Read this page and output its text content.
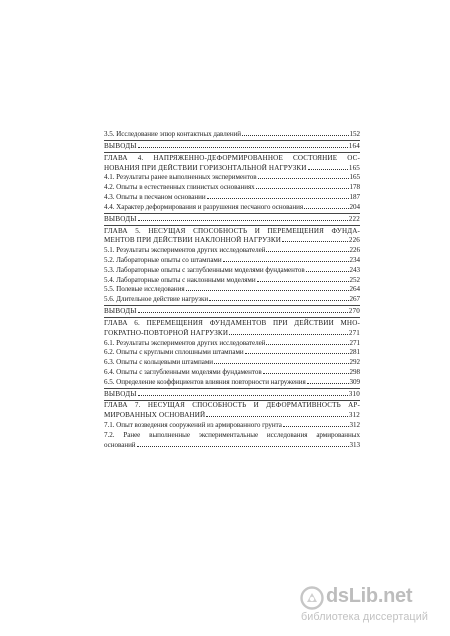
3.5. Исследование эпюр контактных давлений	152
ВЫВОДЫ	164
ГЛАВА 4. НАПРЯЖЕННО-ДЕФОРМИРОВАННОЕ СОСТОЯНИЕ ОС-
НОВАНИЯ ПРИ ДЕЙСТВИИ ГОРИЗОНТАЛЬНОЙ НАГРУЗКИ	165
4.1. Результаты ранее выполненных экспериментов	165
4.2. Опыты в естественных глинистых основаниях	178
4.3. Опыты в песчаном основании	187
4.4. Характер деформирования и разрушения песчаного основания	204
ВЫВОДЫ	222
ГЛАВА 5. НЕСУЩАЯ СПОСОБНОСТЬ И ПЕРЕМЕЩЕНИЯ ФУНДА-
МЕНТОВ ПРИ ДЕЙСТВИИ НАКЛОННОЙ НАГРУЗКИ	226
5.1. Результаты экспериментов других исследователей	226
5.2. Лабораторные опыты со штампами	234
5.3. Лабораторные опыты с заглубленными моделями фундаментов	243
5.4. Лабораторные опыты с наклонными моделями	252
5.5. Полевые исследования	264
5.6. Длительное действие нагрузки	267
ВЫВОДЫ	270
ГЛАВА 6. ПЕРЕМЕЩЕНИЯ ФУНДАМЕНТОВ ПРИ ДЕЙСТВИИ МНО-
ГОКРАТНО-ПОВТОРНОЙ НАГРУЗКИ	271
6.1. Результаты экспериментов других исследователей	271
6.2. Опыты с круглыми сплошными штампами	281
6.3. Опыты с кольцевыми штампами	292
6.4. Опыты с заглубленными моделями фундаментов	298
6.5. Определение коэффициентов влияния повторности нагружения	309
ВЫВОДЫ	310
ГЛАВА 7. НЕСУЩАЯ СПОСОБНОСТЬ И ДЕФОРМАТИВНОСТЬ АР-
МИРОВАННЫХ ОСНОВАНИЙ	312
7.1. Опыт возведения сооружений из армированного грунта	312
7.2. Ранее выполненные экспериментальные исследования армированных
оснований	313
dsLib.net
библиотека диссертаций
